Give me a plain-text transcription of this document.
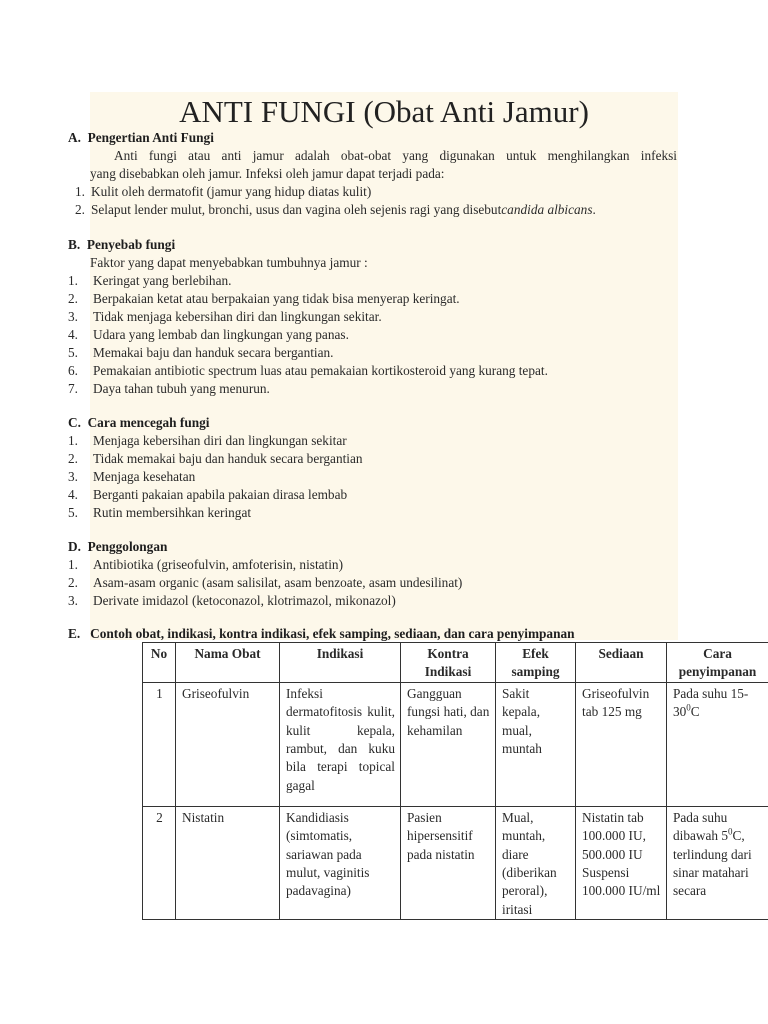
ANTI FUNGI (Obat Anti Jamur)
A.  Pengertian Anti Fungi
Anti fungi atau anti jamur adalah obat-obat yang digunakan untuk menghilangkan infeksi
yang disebabkan oleh jamur. Infeksi oleh jamur dapat terjadi pada:
1. Kulit oleh dermatofit (jamur yang hidup diatas kulit)
2. Selaput lender mulut, bronchi, usus dan vagina oleh sejenis ragi yang disebutcandida albicans.
B.  Penyebab fungi
Faktor yang dapat menyebabkan tumbuhnya jamur :
1. Keringat yang berlebihan.
2. Berpakaian ketat atau berpakaian yang tidak bisa menyerap keringat.
3. Tidak menjaga kebersihan diri dan lingkungan sekitar.
4. Udara yang lembab dan lingkungan yang panas.
5. Memakai baju dan handuk secara bergantian.
6. Pemakaian antibiotic spectrum luas atau pemakaian kortikosteroid yang kurang tepat.
7. Daya tahan tubuh yang menurun.
C.  Cara mencegah fungi
1. Menjaga kebersihan diri dan lingkungan sekitar
2. Tidak memakai baju dan handuk secara bergantian
3. Menjaga kesehatan
4. Berganti pakaian apabila pakaian dirasa lembab
5. Rutin membersihkan keringat
D.  Penggolongan
1. Antibiotika (griseofulvin, amfoterisin, nistatin)
2. Asam-asam organic (asam salisilat, asam benzoate, asam undesilinat)
3. Derivate imidazol (ketoconazol, klotrimazol, mikonazol)
E.   Contoh obat, indikasi, kontra indikasi, efek samping, sediaan, dan cara penyimpanan
No	Nama Obat	Indikasi	Kontra Indikasi	Efek samping	Sediaan	Cara penyimpanan
1	Griseofulvin	Infeksi dermatofitosis kulit, kulit kepala, rambut, dan kuku bila terapi topical gagal	Gangguan fungsi hati, dan kehamilan	Sakit kepala, mual, muntah	Griseofulvin tab 125 mg	Pada suhu $15-30^0C$
2	Nistatin	Kandidiasis (simtomatis, sariawan pada mulut, vaginitis padavagina)	Pasien hipersensitif pada nistatin	Mual, muntah, diare (diberikan peroral), iritasi	Nistatin tab 100.000 IU, 500.000 IU Suspensi 100.000 IU/ml	Pada suhu dibawah $5^0C$, terlindung dari sinar matahari secara
